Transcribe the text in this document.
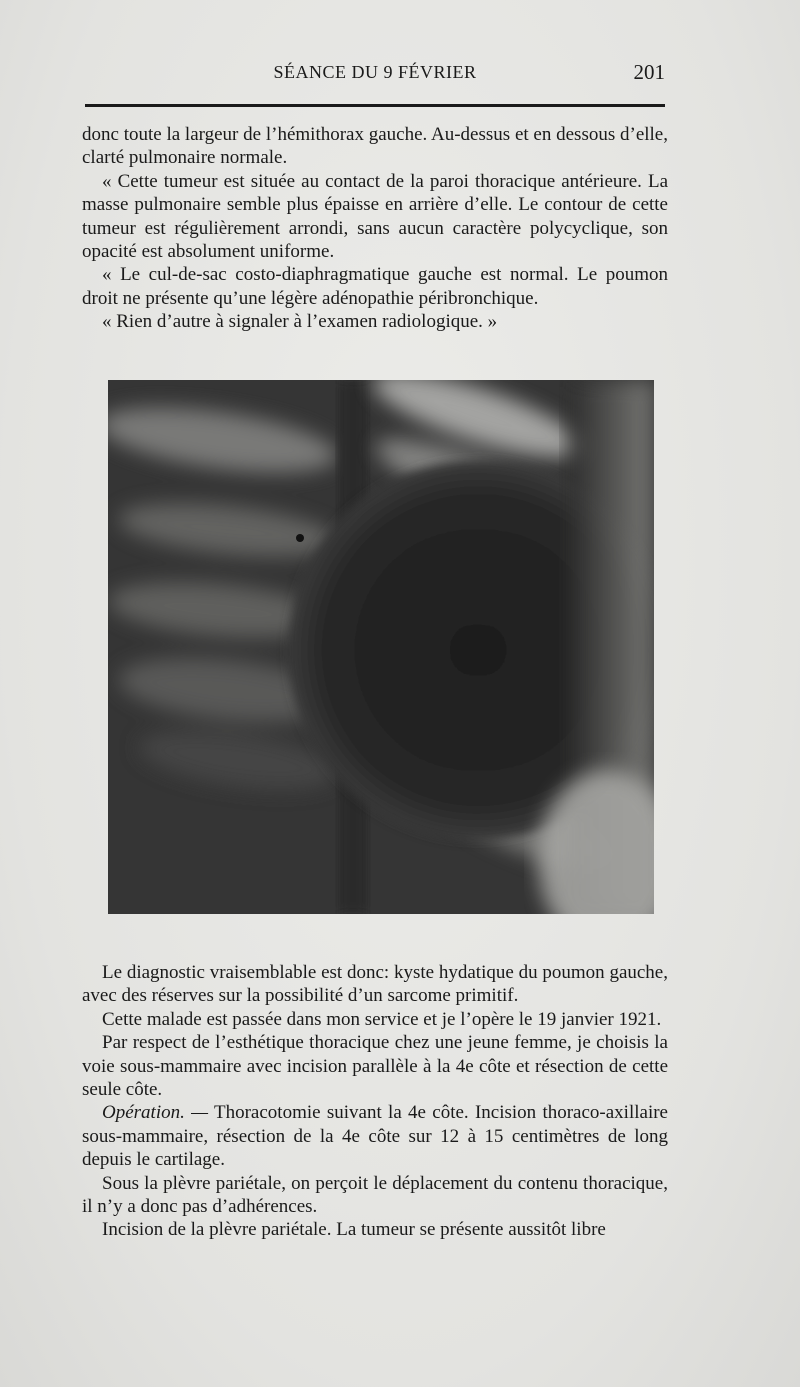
SÉANCE DU 9 FÉVRIER	201

donc toute la largeur de l’hémithorax gauche. Au-dessus et en dessous d’elle, clarté pulmonaire normale.

« Cette tumeur est située au contact de la paroi thoracique antérieure. La masse pulmonaire semble plus épaisse en arrière d’elle. Le contour de cette tumeur est régulièrement arrondi, sans aucun caractère polycyclique, son opacité est absolument uniforme.

« Le cul-de-sac costo-diaphragmatique gauche est normal. Le poumon droit ne présente qu’une légère adénopathie péribronchique.

« Rien d’autre à signaler à l’examen radiologique. »

Le diagnostic vraisemblable est donc: kyste hydatique du poumon gauche, avec des réserves sur la possibilité d’un sarcome primitif.

Cette malade est passée dans mon service et je l’opère le 19 janvier 1921.

Par respect de l’esthétique thoracique chez une jeune femme, je choisis la voie sous-mammaire avec incision parallèle à la 4e côte et résection de cette seule côte.

Opération. — Thoracotomie suivant la 4e côte. Incision thoraco-axillaire sous-mammaire, résection de la 4e côte sur 12 à 15 centimètres de long depuis le cartilage.

Sous la plèvre pariétale, on perçoit le déplacement du contenu thoracique, il n’y a donc pas d’adhérences.

Incision de la plèvre pariétale. La tumeur se présente aussitôt libre
